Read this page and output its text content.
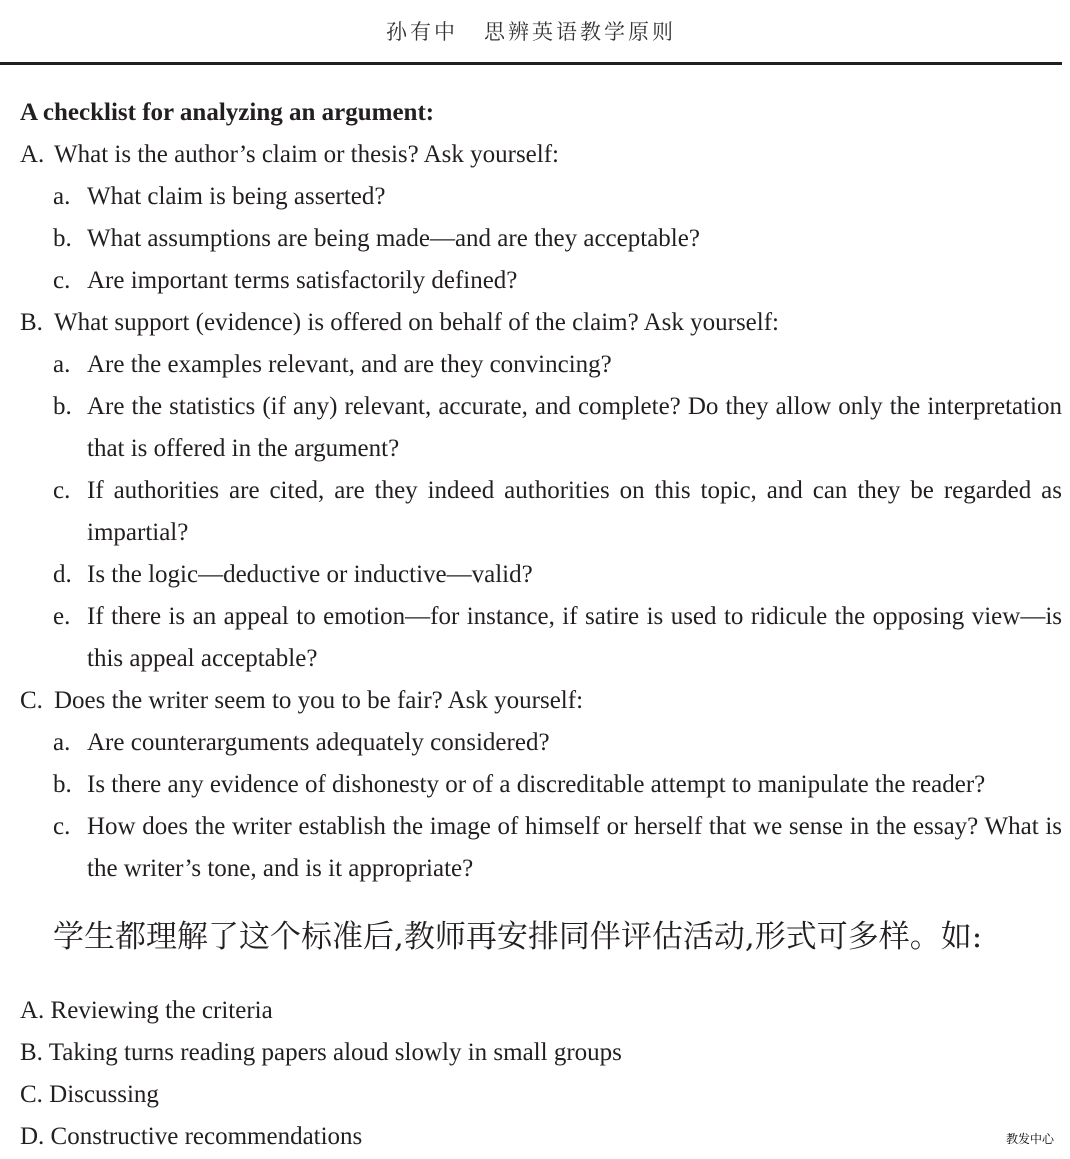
孙有中 思辨英语教学原则
A checklist for analyzing an argument:
A. What is the author’s claim or thesis? Ask yourself:
a. What claim is being asserted?
b. What assumptions are being made—and are they acceptable?
c. Are important terms satisfactorily defined?
B. What support (evidence) is offered on behalf of the claim? Ask yourself:
a. Are the examples relevant, and are they convincing?
b. Are the statistics (if any) relevant, accurate, and complete? Do they allow only the interpretation that is offered in the argument?
c. If authorities are cited, are they indeed authorities on this topic, and can they be regarded as impartial?
d. Is the logic—deductive or inductive—valid?
e. If there is an appeal to emotion—for instance, if satire is used to ridicule the opposing view—is this appeal acceptable?
C. Does the writer seem to you to be fair? Ask yourself:
a. Are counterarguments adequately considered?
b. Is there any evidence of dishonesty or of a discreditable attempt to manipulate the reader?
c. How does the writer establish the image of himself or herself that we sense in the essay? What is the writer’s tone, and is it appropriate?
学生都理解了这个标准后,教师再安排同伴评估活动,形式可多样。如:
A. Reviewing the criteria
B. Taking turns reading papers aloud slowly in small groups
C. Discussing
D. Constructive recommendations	教发中心
